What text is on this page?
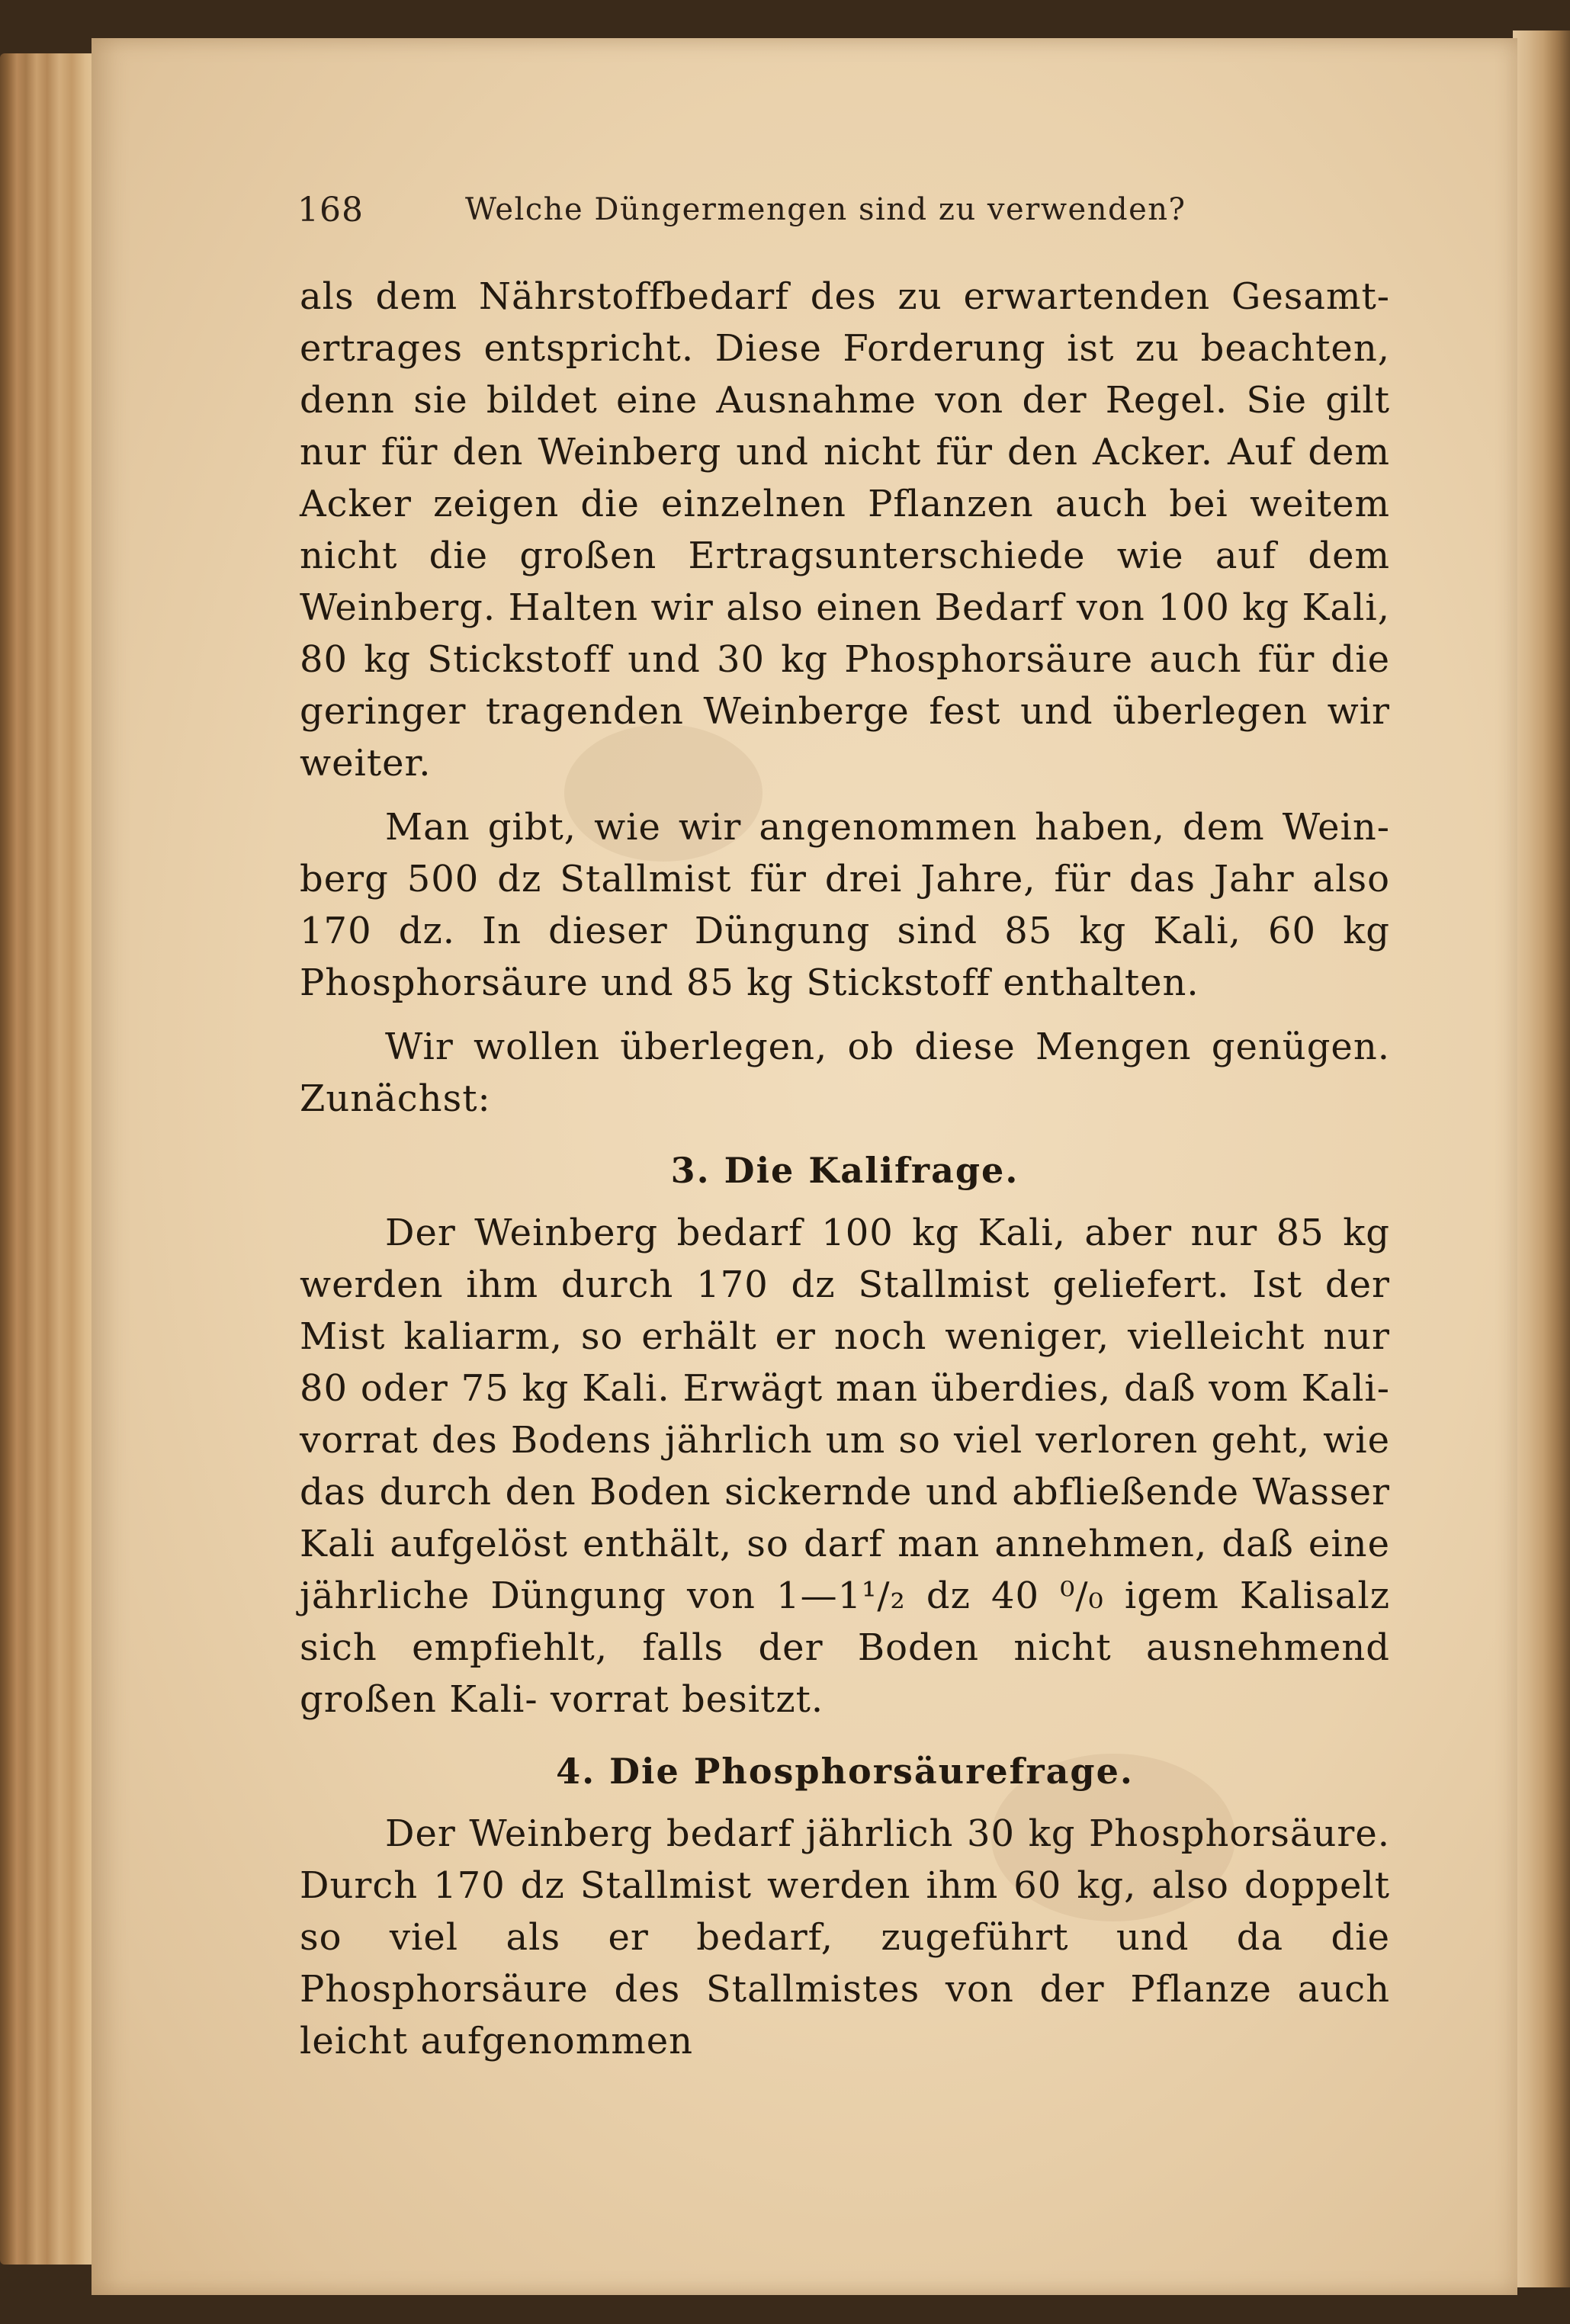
168	Welche Düngermengen sind zu verwenden?

als dem Nährstoffbedarf des zu erwartenden Gesamt- ertrages entspricht. Diese Forderung ist zu beachten, denn sie bildet eine Ausnahme von der Regel. Sie gilt nur für den Weinberg und nicht für den Acker. Auf dem Acker zeigen die einzelnen Pflanzen auch bei weitem nicht die großen Ertragsunterschiede wie auf dem Weinberg. Halten wir also einen Bedarf von 100 kg Kali, 80 kg Stickstoff und 30 kg Phosphorsäure auch für die geringer tragenden Weinberge fest und überlegen wir weiter.

Man gibt, wie wir angenommen haben, dem Wein- berg 500 dz Stallmist für drei Jahre, für das Jahr also 170 dz. In dieser Düngung sind 85 kg Kali, 60 kg Phosphorsäure und 85 kg Stickstoff enthalten.

Wir wollen überlegen, ob diese Mengen genügen. Zunächst:

3. Die Kalifrage.

Der Weinberg bedarf 100 kg Kali, aber nur 85 kg werden ihm durch 170 dz Stallmist geliefert. Ist der Mist kaliarm, so erhält er noch weniger, vielleicht nur 80 oder 75 kg Kali. Erwägt man überdies, daß vom Kali- vorrat des Bodens jährlich um so viel verloren geht, wie das durch den Boden sickernde und abfließende Wasser Kali aufgelöst enthält, so darf man annehmen, daß eine jährliche Düngung von 1—1¹/₂ dz 40 ⁰/₀ igem Kalisalz sich empfiehlt, falls der Boden nicht ausnehmend großen Kali- vorrat besitzt.

4. Die Phosphorsäurefrage.

Der Weinberg bedarf jährlich 30 kg Phosphorsäure. Durch 170 dz Stallmist werden ihm 60 kg, also doppelt so viel als er bedarf, zugeführt und da die Phosphorsäure des Stallmistes von der Pflanze auch leicht aufgenommen
